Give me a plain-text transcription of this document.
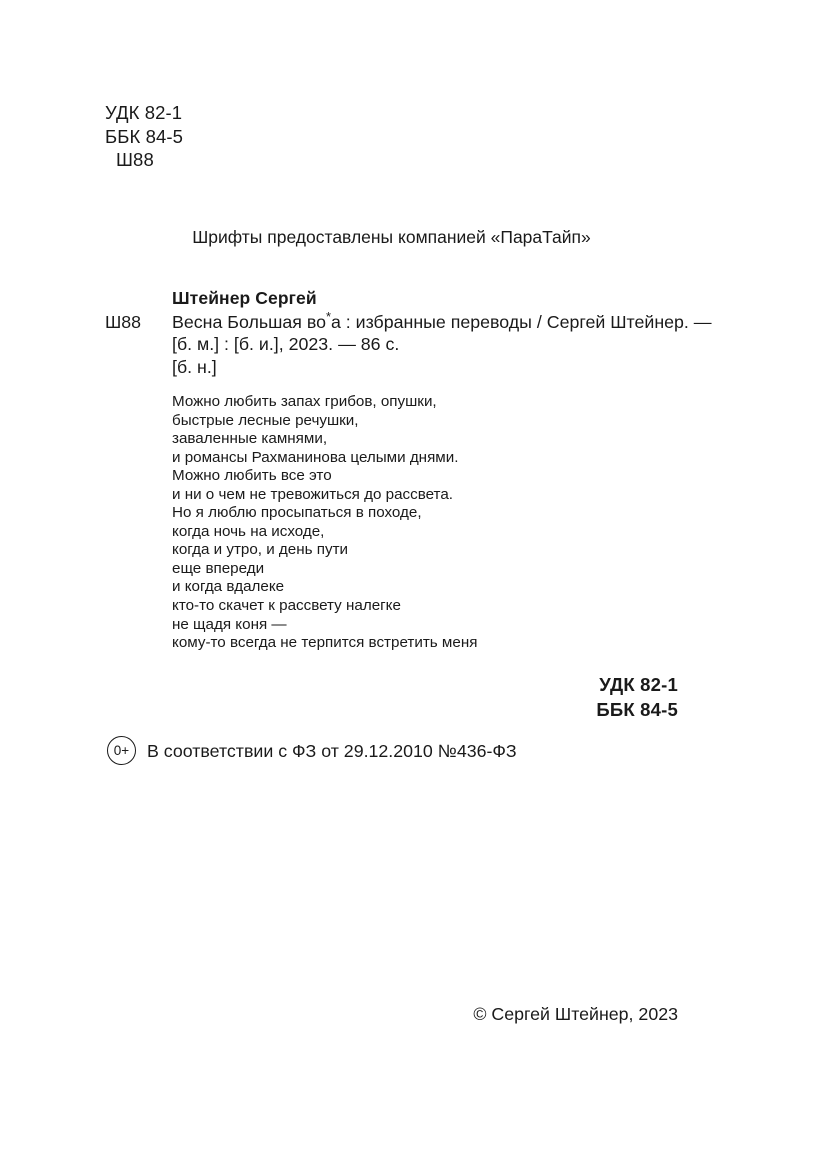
УДК 82-1
ББК 84-5
Ш88
Шрифты предоставлены компанией «ПараТайп»
Штейнер Сергей
Ш88	Весна Большая во*а : избранные переводы / Сергей Штейнер. —
[б. м.] : [б. и.], 2023. — 86 с.
[б. н.]
Можно любить запах грибов, опушки,
быстрые лесные речушки,
заваленные камнями,
и романсы Рахманинова целыми днями.
Можно любить все это
и ни о чем не тревожиться до рассвета.
Но я люблю просыпаться в походе,
когда ночь на исходе,
когда и утро, и день пути
еще впереди
и когда вдалеке
кто-то скачет к рассвету налегке
не щадя коня —
кому-то всегда не терпится встретить меня
УДК 82-1
ББК 84-5
0+ В соответствии с ФЗ от 29.12.2010 №436-ФЗ
© Сергей Штейнер, 2023
